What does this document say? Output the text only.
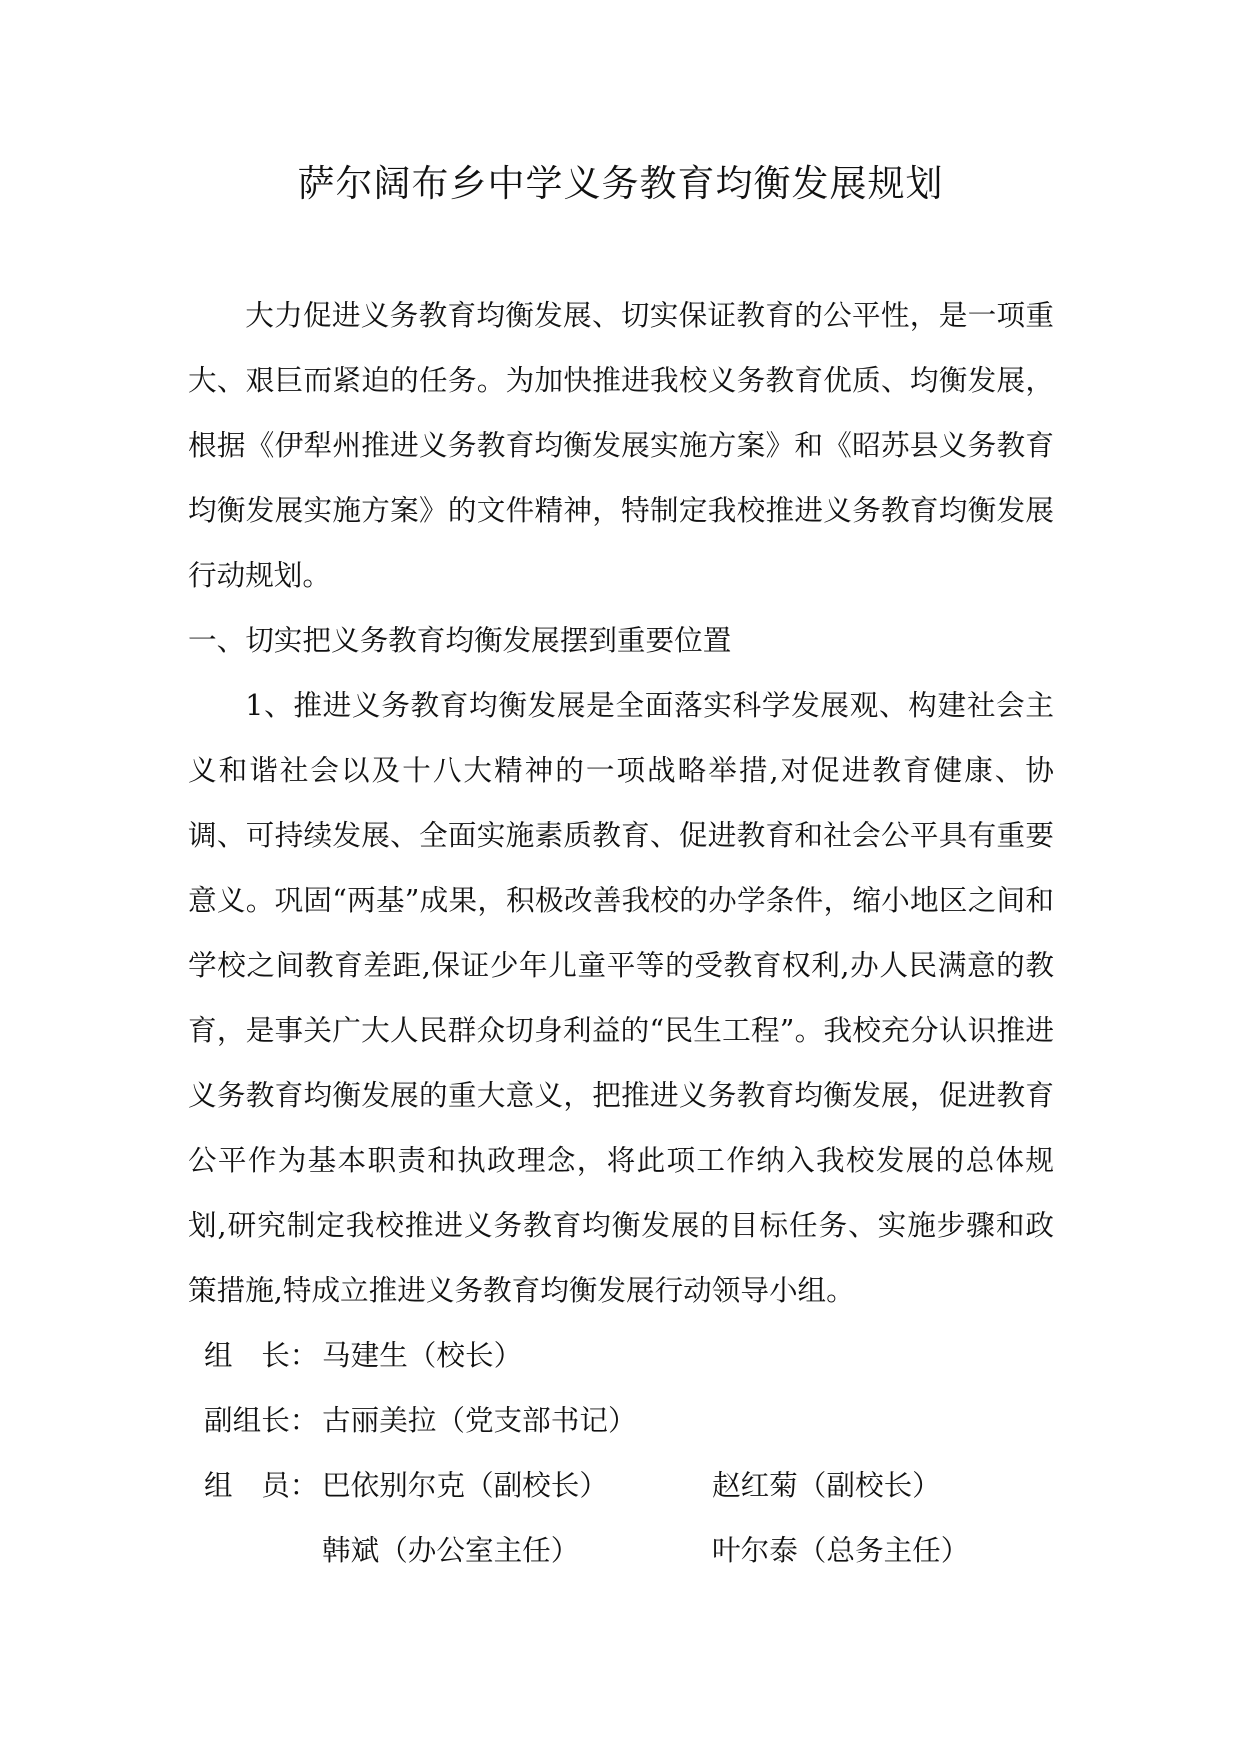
萨尔阔布乡中学义务教育均衡发展规划

大力促进义务教育均衡发展、切实保证教育的公平性，是一项重大、艰巨而紧迫的任务。为加快推进我校义务教育优质、均衡发展，根据《伊犁州推进义务教育均衡发展实施方案》和《昭苏县义务教育均衡发展实施方案》的文件精神，特制定我校推进义务教育均衡发展行动规划。

一、切实把义务教育均衡发展摆到重要位置

1、推进义务教育均衡发展是全面落实科学发展观、构建社会主义和谐社会以及十八大精神的一项战略举措,对促进教育健康、协调、可持续发展、全面实施素质教育、促进教育和社会公平具有重要意义。巩固“两基”成果，积极改善我校的办学条件，缩小地区之间和学校之间教育差距,保证少年儿童平等的受教育权利,办人民满意的教育，是事关广大人民群众切身利益的“民生工程”。我校充分认识推进义务教育均衡发展的重大意义，把推进义务教育均衡发展，促进教育公平作为基本职责和执政理念，将此项工作纳入我校发展的总体规划,研究制定我校推进义务教育均衡发展的目标任务、实施步骤和政策措施,特成立推进义务教育均衡发展行动领导小组。

组　长： 马建生（校长）
副组长： 古丽美拉（党支部书记）
组　员： 巴依别尔克（副校长）	赵红菊（副校长）
韩斌（办公室主任）	叶尔泰（总务主任）
